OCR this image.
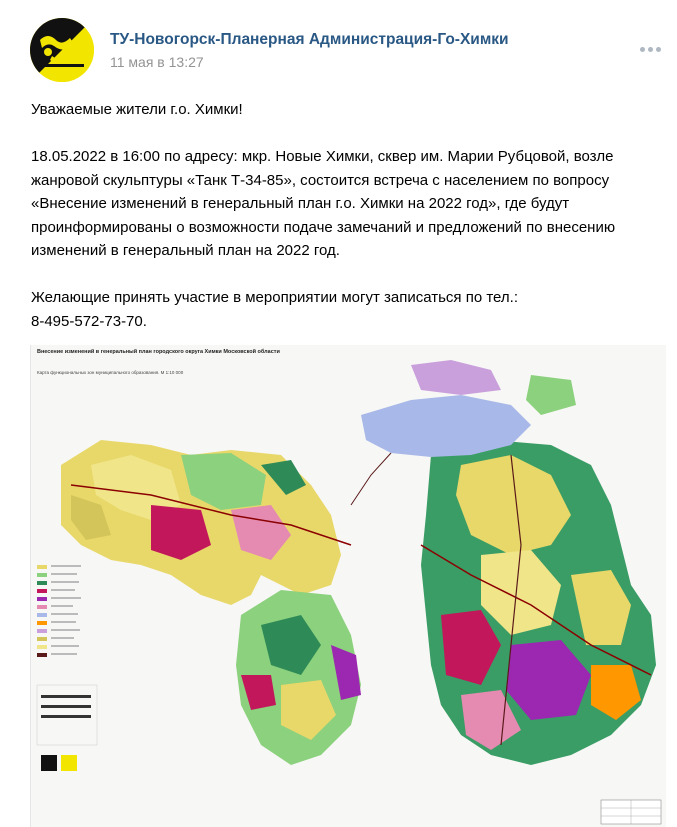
ТУ-Новогорск-Планерная Администрация-Го-Химки
11 мая в 13:27

Уважаемые жители г.о. Химки!

18.05.2022 в 16:00 по адресу: мкр. Новые Химки, сквер им. Марии Рубцовой, возле жанровой скульптуры «Танк Т-34-85», состоится встреча с населением по вопросу «Внесение изменений в генеральный план г.о. Химки на 2022 год», где будут проинформированы о возможности подаче замечаний и предложений по внесению изменений в генеральный план на 2022 год.

Желающие принять участие в мероприятии могут записаться по тел.:
8-495-572-73-70.

Внесение изменений в генеральный план городского округа Химки Московской области
Карта функциональных зон муниципального образования. М 1:10 000
